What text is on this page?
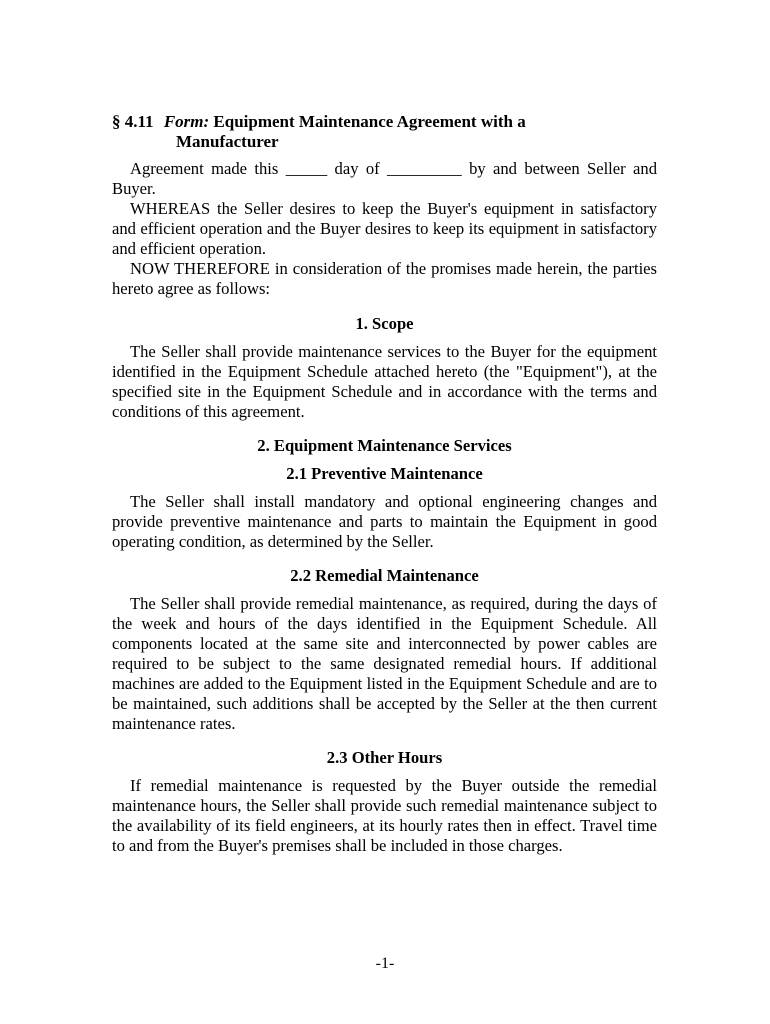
§ 4.11 Form: Equipment Maintenance Agreement with a
Manufacturer

Agreement made this _____ day of _________ by and between Seller and Buyer.

WHEREAS the Seller desires to keep the Buyer's equipment in satisfactory and efficient operation and the Buyer desires to keep its equipment in satisfactory and efficient operation.

NOW THEREFORE in consideration of the promises made herein, the parties hereto agree as follows:

1. Scope

The Seller shall provide maintenance services to the Buyer for the equipment identified in the Equipment Schedule attached hereto (the "Equipment"), at the specified site in the Equipment Schedule and in accordance with the terms and conditions of this agreement.

2. Equipment Maintenance Services
2.1 Preventive Maintenance

The Seller shall install mandatory and optional engineering changes and provide preventive maintenance and parts to maintain the Equipment in good operating condition, as determined by the Seller.

2.2 Remedial Maintenance

The Seller shall provide remedial maintenance, as required, during the days of the week and hours of the days identified in the Equipment Schedule. All components located at the same site and interconnected by power cables are required to be subject to the same designated remedial hours. If additional machines are added to the Equipment listed in the Equipment Schedule and are to be maintained, such additions shall be accepted by the Seller at the then current maintenance rates.

2.3 Other Hours

If remedial maintenance is requested by the Buyer outside the remedial maintenance hours, the Seller shall provide such remedial maintenance subject to the availability of its field engineers, at its hourly rates then in effect. Travel time to and from the Buyer's premises shall be included in those charges.

-1-
